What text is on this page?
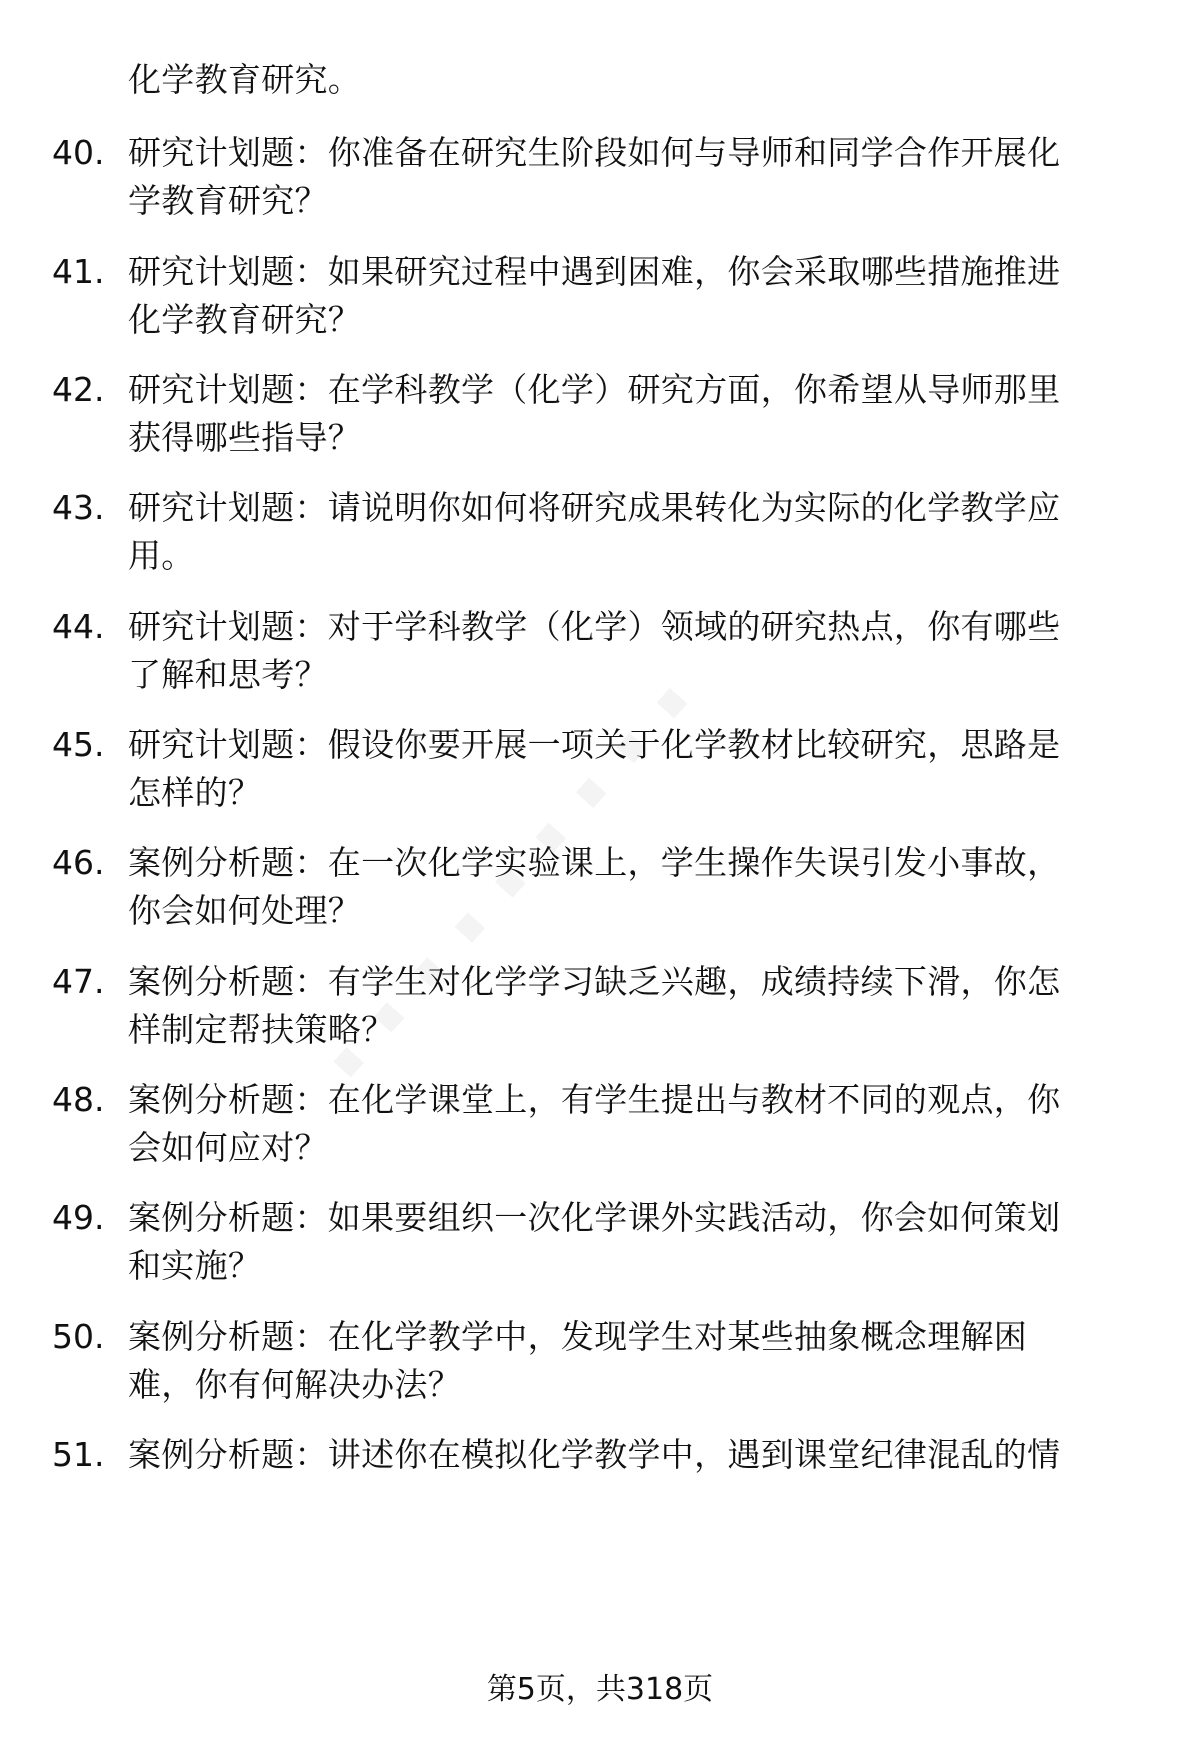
化学教育研究。
40. 研究计划题：你准备在研究生阶段如何与导师和同学合作开展化
学教育研究？
41. 研究计划题：如果研究过程中遇到困难，你会采取哪些措施推进
化学教育研究？
42. 研究计划题：在学科教学（化学）研究方面，你希望从导师那里
获得哪些指导？
43. 研究计划题：请说明你如何将研究成果转化为实际的化学教学应
用。
44. 研究计划题：对于学科教学（化学）领域的研究热点，你有哪些
了解和思考？
45. 研究计划题：假设你要开展一项关于化学教材比较研究，思路是
怎样的？
46. 案例分析题：在一次化学实验课上，学生操作失误引发小事故，
你会如何处理？
47. 案例分析题：有学生对化学学习缺乏兴趣，成绩持续下滑，你怎
样制定帮扶策略？
48. 案例分析题：在化学课堂上，有学生提出与教材不同的观点，你
会如何应对？
49. 案例分析题：如果要组织一次化学课外实践活动，你会如何策划
和实施？
50. 案例分析题：在化学教学中，发现学生对某些抽象概念理解困
难，你有何解决办法？
51. 案例分析题：讲述你在模拟化学教学中，遇到课堂纪律混乱的情
第5页，共318页
